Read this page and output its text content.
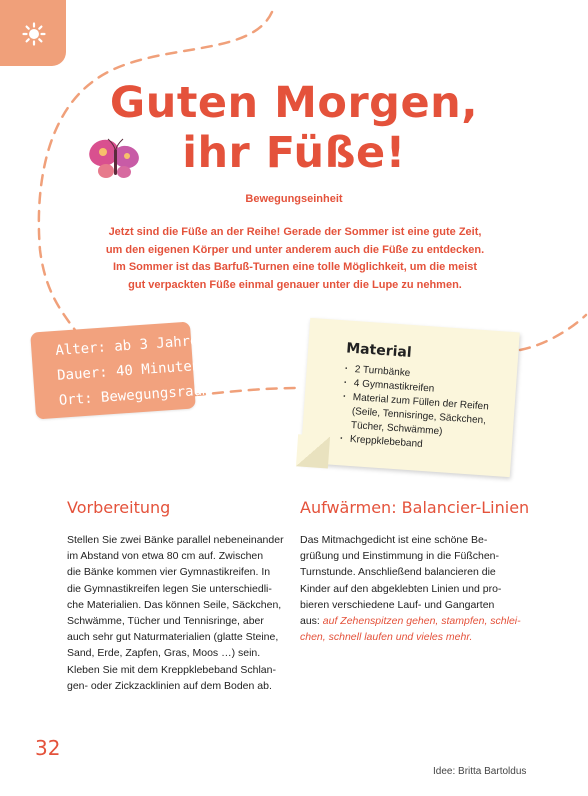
Guten Morgen,
ihr Füße!
Bewegungseinheit
Jetzt sind die Füße an der Reihe! Gerade der Sommer ist eine gute Zeit,
um den eigenen Körper und unter anderem auch die Füße zu entdecken.
Im Sommer ist das Barfuß-Turnen eine tolle Möglichkeit, um die meist
gut verpackten Füße einmal genauer unter die Lupe zu nehmen.
Alter: ab 3 Jahren
Dauer: 40 Minuten
Ort: Bewegungsraum
Material
· 2 Turnbänke
· 4 Gymnastikreifen
· Material zum Füllen der Reifen (Seile, Tennisringe, Säckchen, Tücher, Schwämme)
· Kreppklebeband
Vorbereitung
Stellen Sie zwei Bänke parallel nebeneinander
im Abstand von etwa 80 cm auf. Zwischen
die Bänke kommen vier Gymnastikreifen. In
die Gymnastikreifen legen Sie unterschiedli-
che Materialien. Das können Seile, Säckchen,
Schwämme, Tücher und Tennisringe, aber
auch sehr gut Naturmaterialien (glatte Steine,
Sand, Erde, Zapfen, Gras, Moos …) sein.
Kleben Sie mit dem Kreppklebeband Schlan-
gen- oder Zickzacklinien auf dem Boden ab.
Aufwärmen: Balancier-Linien
Das Mitmachgedicht ist eine schöne Be-
grüßung und Einstimmung in die Füßchen-
Turnstunde. Anschließend balancieren die
Kinder auf den abgeklebten Linien und pro-
bieren verschiedene Lauf- und Gangarten
aus: auf Zehenspitzen gehen, stampfen, schlei-
chen, schnell laufen und vieles mehr.
32
Idee: Britta Bartoldus
